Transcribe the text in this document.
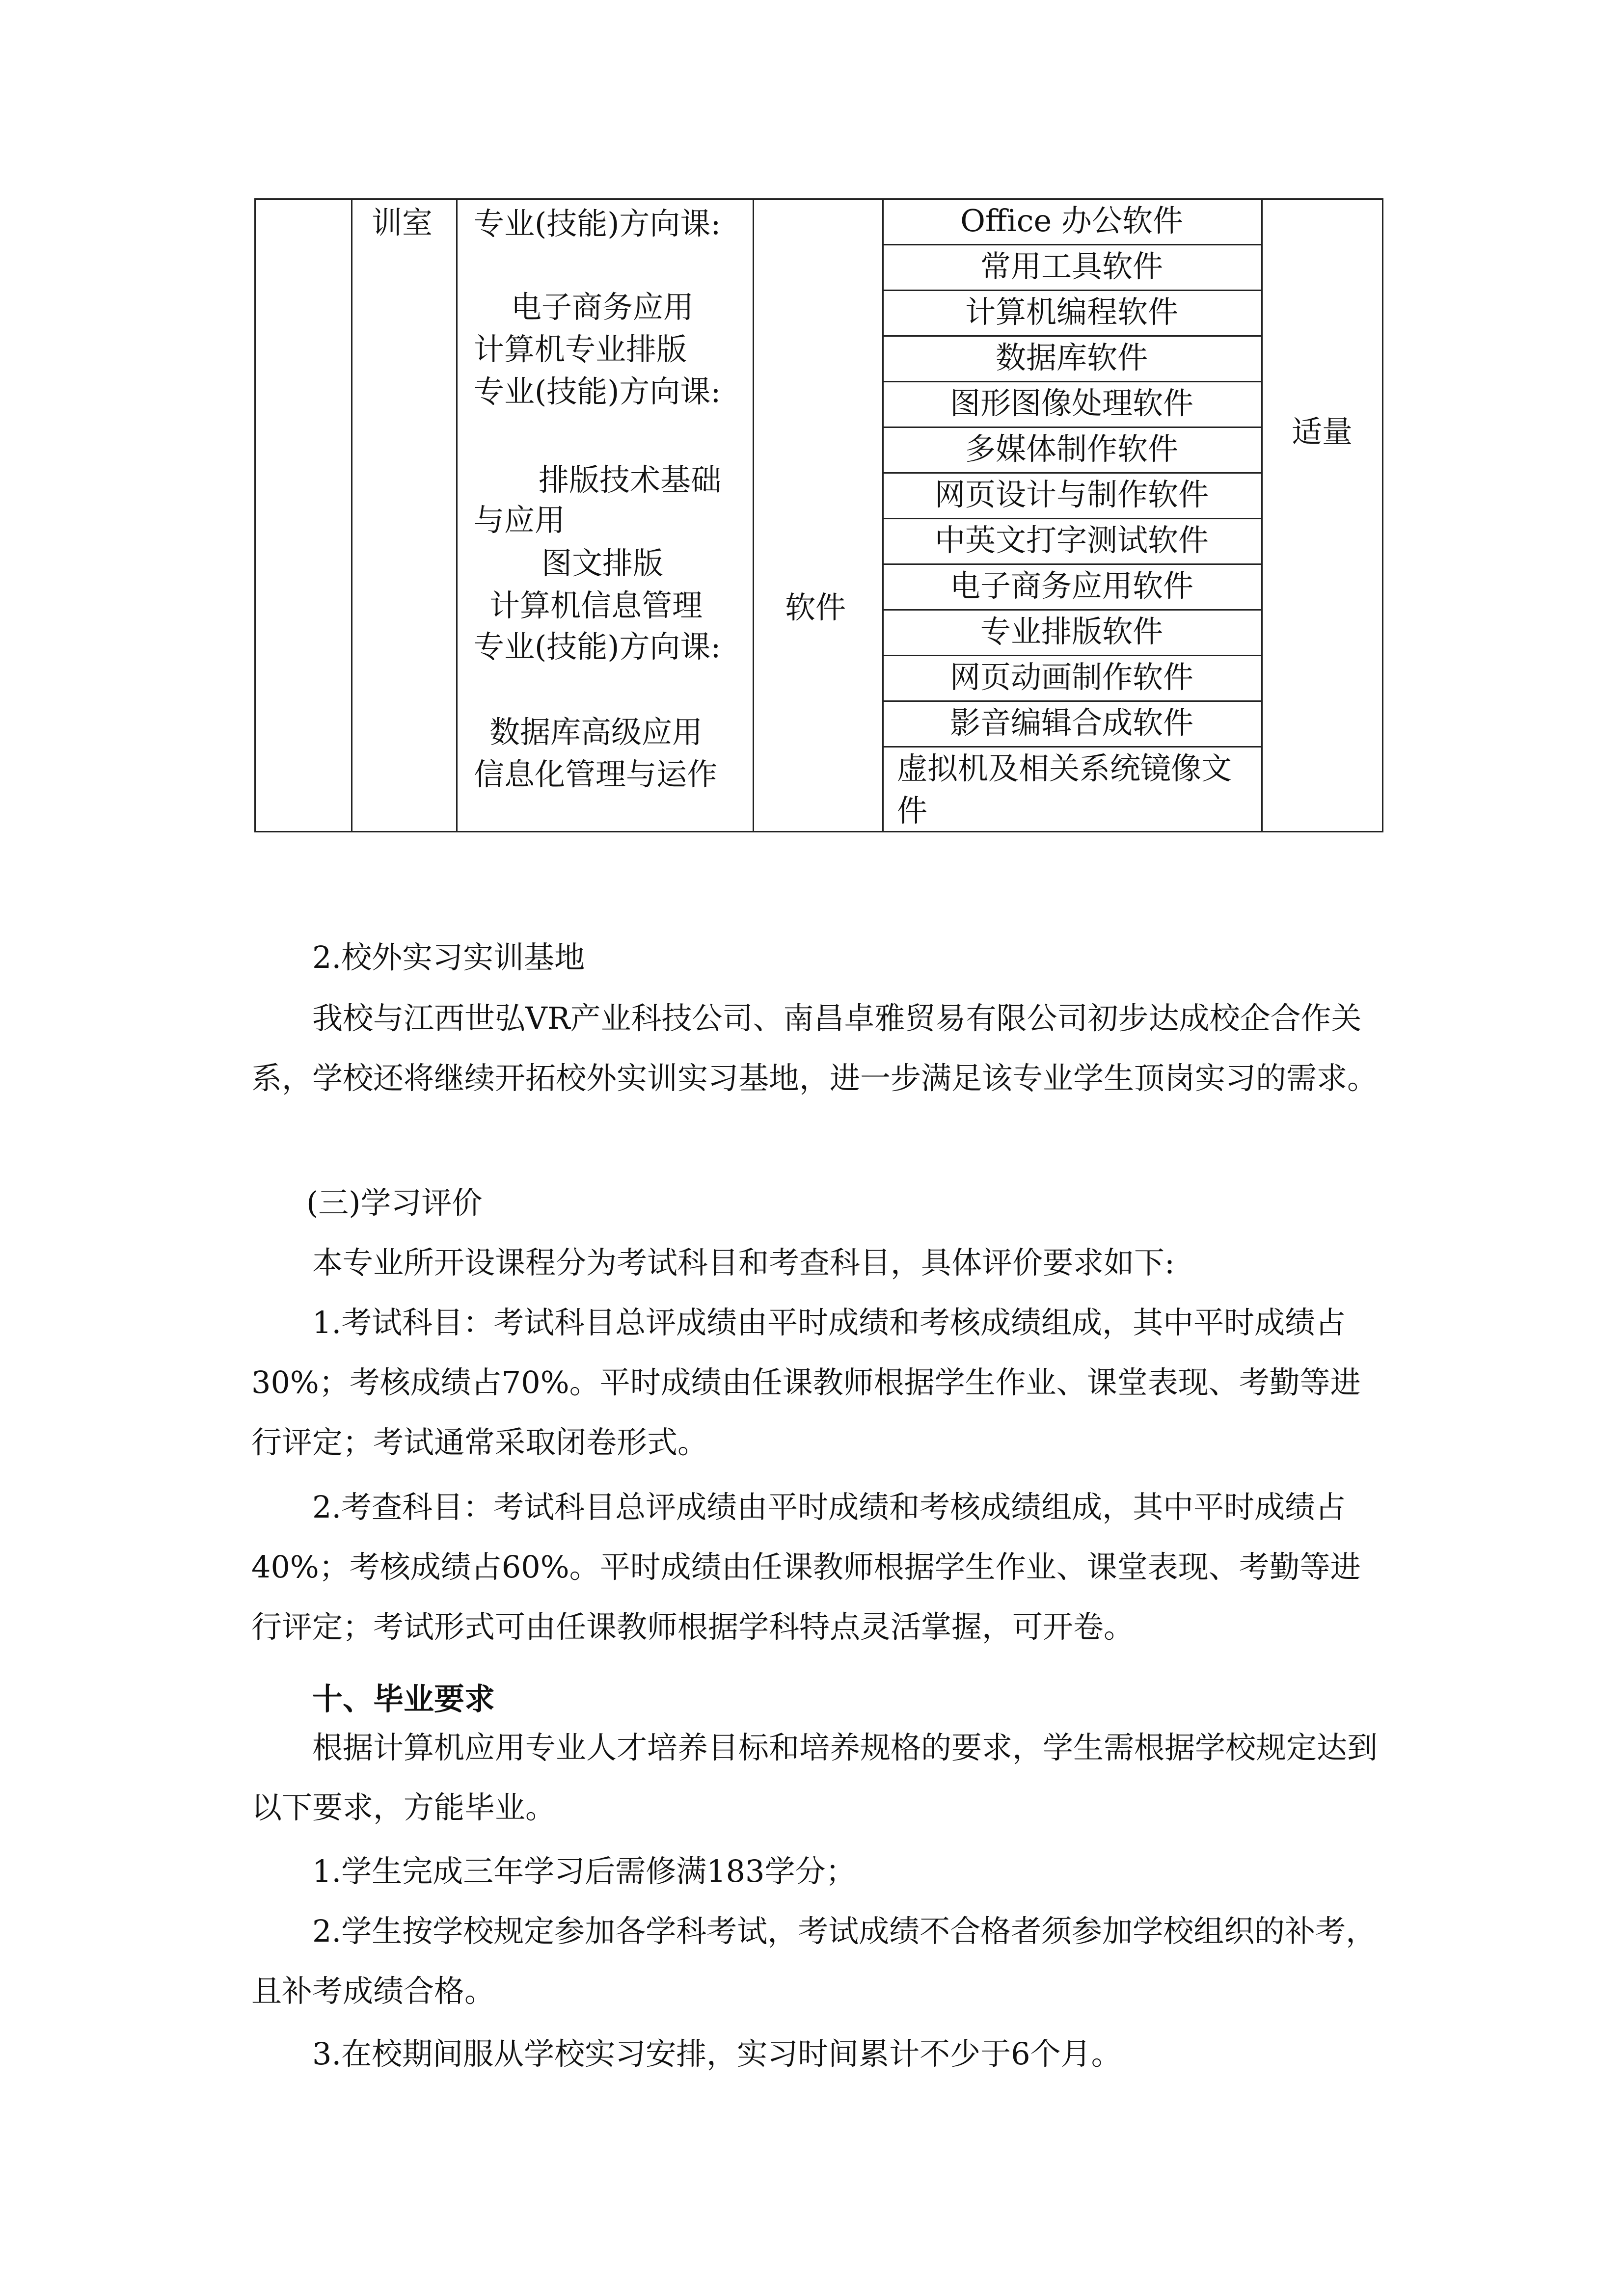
训室 专业(技能)方向课:
电子商务应用
计算机专业排版
专业(技能)方向课:
排版技术基础
与应用
图文排版
计算机信息管理
专业(技能)方向课:
数据库高级应用
信息化管理与运作
软件
Office 办公软件
常用工具软件
计算机编程软件
数据库软件
图形图像处理软件
多媒体制作软件
网页设计与制作软件
中英文打字测试软件
电子商务应用软件
专业排版软件
网页动画制作软件
影音编辑合成软件
虚拟机及相关系统镜像文件
适量

2.校外实习实训基地

我校与江西世弘VR产业科技公司、南昌卓雅贸易有限公司初步达成校企合作关系，学校还将继续开拓校外实训实习基地，进一步满足该专业学生顶岗实习的需求。

(三)学习评价

本专业所开设课程分为考试科目和考查科目，具体评价要求如下:

1.考试科目：考试科目总评成绩由平时成绩和考核成绩组成，其中平时成绩占30%；考核成绩占70%。平时成绩由任课教师根据学生作业、课堂表现、考勤等进行评定；考试通常采取闭卷形式。

2.考查科目：考试科目总评成绩由平时成绩和考核成绩组成，其中平时成绩占40%；考核成绩占60%。平时成绩由任课教师根据学生作业、课堂表现、考勤等进行评定；考试形式可由任课教师根据学科特点灵活掌握，可开卷。

十、毕业要求

根据计算机应用专业人才培养目标和培养规格的要求，学生需根据学校规定达到以下要求，方能毕业。

1.学生完成三年学习后需修满183学分；

2.学生按学校规定参加各学科考试，考试成绩不合格者须参加学校组织的补考，且补考成绩合格。

3.在校期间服从学校实习安排，实习时间累计不少于6个月。
